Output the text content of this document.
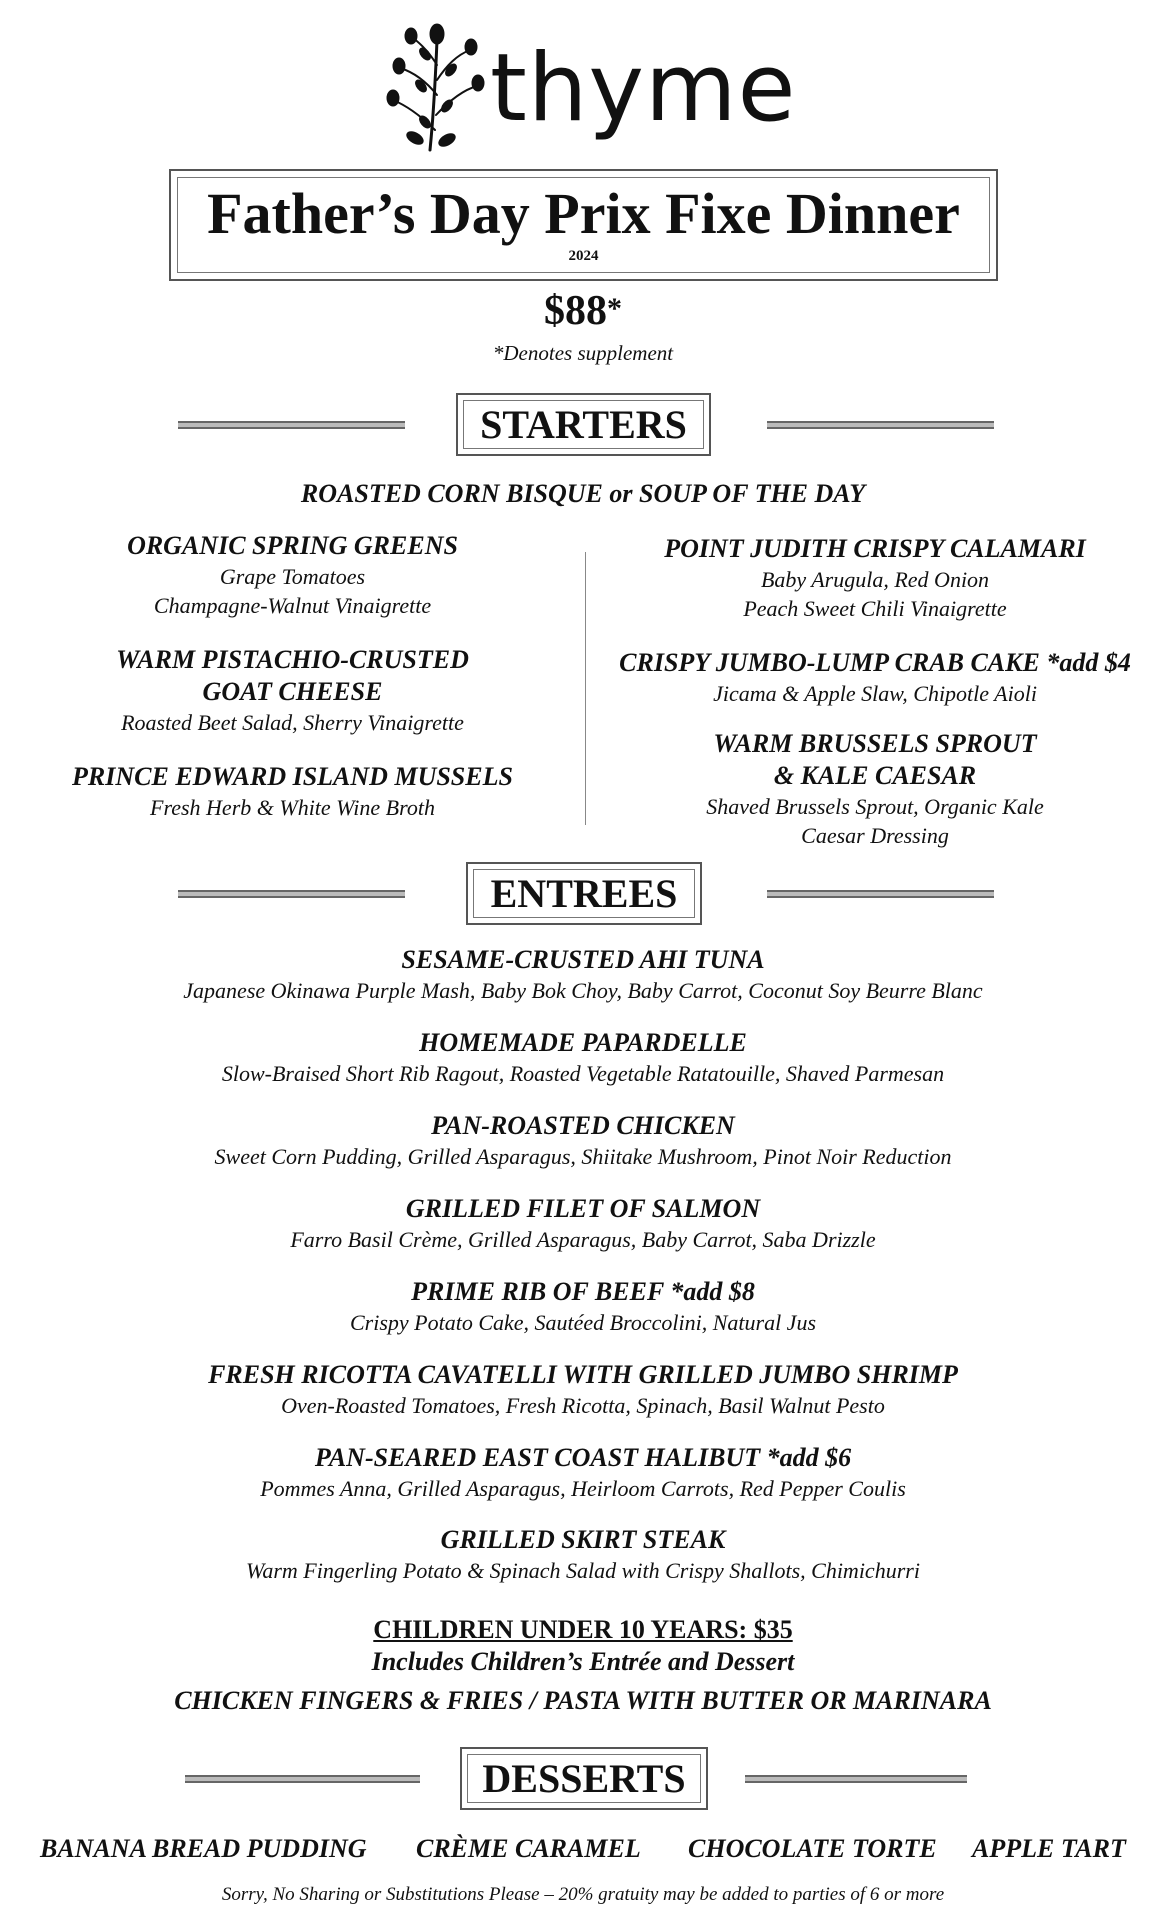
thyme
Father’s Day Prix Fixe Dinner
2024
$88*
*Denotes supplement
STARTERS
ROASTED CORN BISQUE or SOUP OF THE DAY
ORGANIC SPRING GREENS
Grape Tomatoes
Champagne-Walnut Vinaigrette
WARM PISTACHIO-CRUSTED
GOAT CHEESE
Roasted Beet Salad, Sherry Vinaigrette
PRINCE EDWARD ISLAND MUSSELS
Fresh Herb & White Wine Broth
POINT JUDITH CRISPY CALAMARI
Baby Arugula, Red Onion
Peach Sweet Chili Vinaigrette
CRISPY JUMBO-LUMP CRAB CAKE *add $4
Jicama & Apple Slaw, Chipotle Aioli
WARM BRUSSELS SPROUT
& KALE CAESAR
Shaved Brussels Sprout, Organic Kale
Caesar Dressing
ENTREES
SESAME-CRUSTED AHI TUNA
Japanese Okinawa Purple Mash, Baby Bok Choy, Baby Carrot, Coconut Soy Beurre Blanc
HOMEMADE PAPARDELLE
Slow-Braised Short Rib Ragout, Roasted Vegetable Ratatouille, Shaved Parmesan
PAN-ROASTED CHICKEN
Sweet Corn Pudding, Grilled Asparagus, Shiitake Mushroom, Pinot Noir Reduction
GRILLED FILET OF SALMON
Farro Basil Crème, Grilled Asparagus, Baby Carrot, Saba Drizzle
PRIME RIB OF BEEF *add $8
Crispy Potato Cake, Sautéed Broccolini, Natural Jus
FRESH RICOTTA CAVATELLI WITH GRILLED JUMBO SHRIMP
Oven-Roasted Tomatoes, Fresh Ricotta, Spinach, Basil Walnut Pesto
PAN-SEARED EAST COAST HALIBUT *add $6
Pommes Anna, Grilled Asparagus, Heirloom Carrots, Red Pepper Coulis
GRILLED SKIRT STEAK
Warm Fingerling Potato & Spinach Salad with Crispy Shallots, Chimichurri
CHILDREN UNDER 10 YEARS: $35
Includes Children’s Entrée and Dessert
CHICKEN FINGERS & FRIES / PASTA WITH BUTTER OR MARINARA
DESSERTS
BANANA BREAD PUDDING CRÈME CARAMEL CHOCOLATE TORTE APPLE TART
Sorry, No Sharing or Substitutions Please – 20% gratuity may be added to parties of 6 or more
